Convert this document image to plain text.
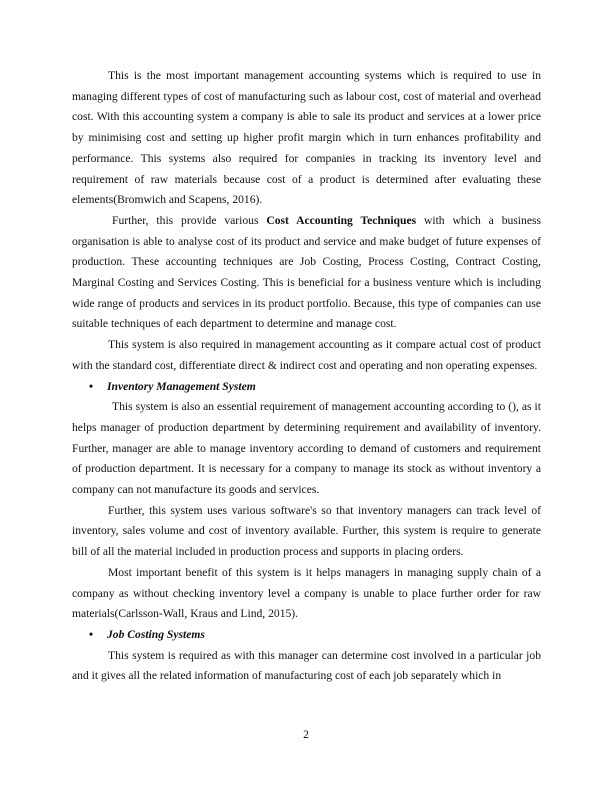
This is the most important management accounting systems which is required to use in managing different types of cost of manufacturing such as labour cost, cost of material and overhead cost. With this accounting system a company is able to sale its product and services at a lower price by minimising cost and setting up higher profit margin which in turn enhances profitability and performance. This systems also required for companies in tracking its inventory level and requirement of raw materials because cost of a product is determined after evaluating these elements(Bromwich and Scapens, 2016).

Further, this provide various Cost Accounting Techniques with which a business organisation is able to analyse cost of its product and service and make budget of future expenses of production. These accounting techniques are Job Costing, Process Costing, Contract Costing, Marginal Costing and Services Costing. This is beneficial for a business venture which is including wide range of products and services in its product portfolio. Because, this type of companies can use suitable techniques of each department to determine and manage cost.

This system is also required in management accounting as it compare actual cost of product with the standard cost, differentiate direct & indirect cost and operating and non operating expenses.

•	Inventory Management System

This system is also an essential requirement of management accounting according to (), as it helps manager of production department by determining requirement and availability of inventory. Further, manager are able to manage inventory according to demand of customers and requirement of production department. It is necessary for a company to manage its stock as without inventory a company can not manufacture its goods and services.

Further, this system uses various software's so that inventory managers can track level of inventory, sales volume and cost of inventory available. Further, this system is require to generate bill of all the material included in production process and supports in placing orders.

Most important benefit of this system is it helps managers in managing supply chain of a company as without checking inventory level a company is unable to place further order for raw materials(Carlsson-Wall, Kraus and Lind, 2015).

•	Job Costing Systems

This system is required as with this manager can determine cost involved in a particular job and it gives all the related information of manufacturing cost of each job separately which in

2
